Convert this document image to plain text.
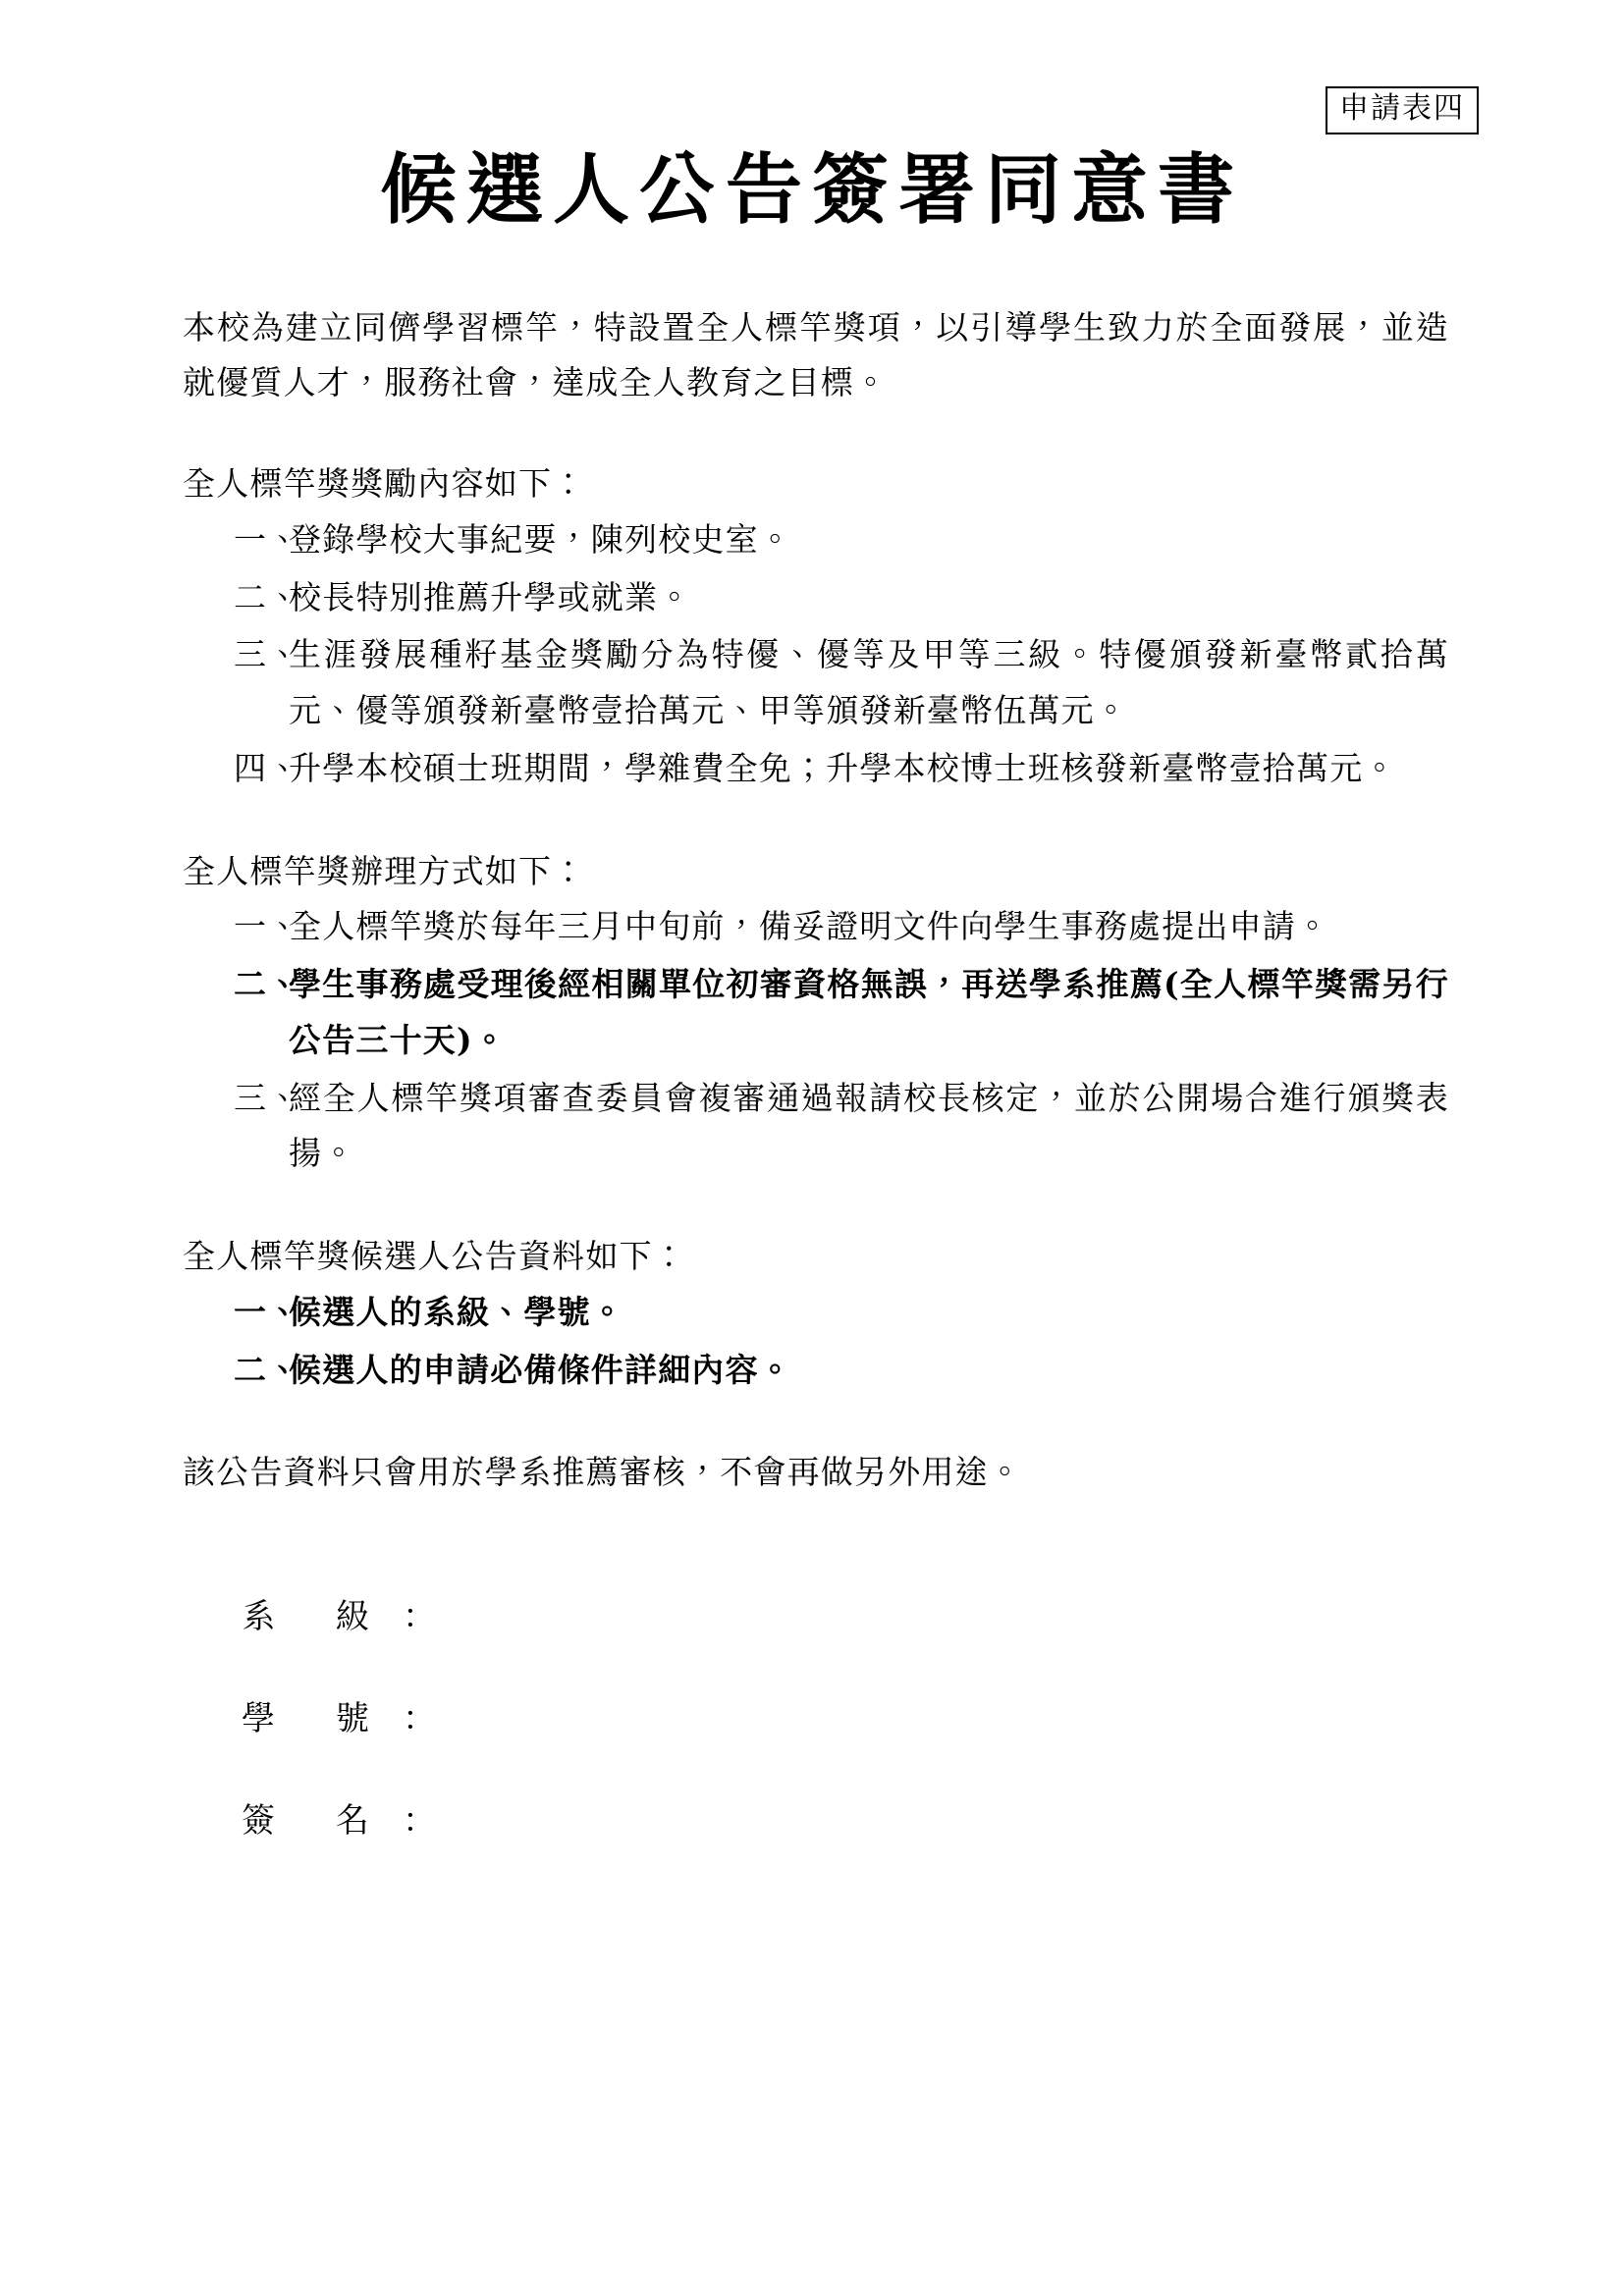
申請表四
候選人公告簽署同意書

本校為建立同儕學習標竿，特設置全人標竿獎項，以引導學生致力於全面發展，並造就優質人才，服務社會，達成全人教育之目標。

全人標竿獎獎勵內容如下：

一、
登錄學校大事紀要，陳列校史室。
二、
校長特別推薦升學或就業。
三、
生涯發展種籽基金獎勵分為特優、優等及甲等三級。特優頒發新臺幣貳拾萬元、優等頒發新臺幣壹拾萬元、甲等頒發新臺幣伍萬元。
四、
升學本校碩士班期間，學雜費全免；升學本校博士班核發新臺幣壹拾萬元。

全人標竿獎辦理方式如下：

一、
全人標竿獎於每年三月中旬前，備妥證明文件向學生事務處提出申請。
二、
學生事務處受理後經相關單位初審資格無誤，再送學系推薦(全人標竿獎需另行公告三十天)。
三、
經全人標竿獎項審查委員會複審通過報請校長核定，並於公開場合進行頒獎表揚。

全人標竿獎候選人公告資料如下：

一、
候選人的系級、學號。
二、
候選人的申請必備條件詳細內容。

該公告資料只會用於學系推薦審核，不會再做另外用途。

系　級 ：
學　號 ：
簽　名 ：
